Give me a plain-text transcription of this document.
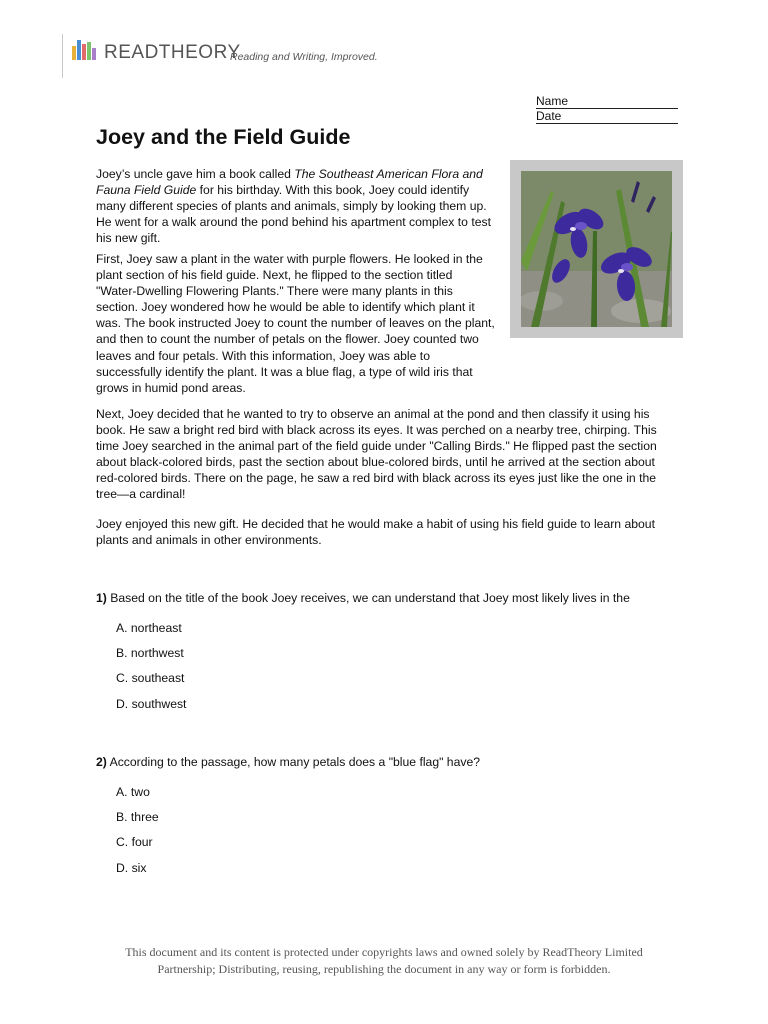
READTHEORY
Reading and Writing, Improved.
Name
Date
Joey and the Field Guide

Joey’s uncle gave him a book called The Southeast American Flora and Fauna Field Guide for his birthday. With this book, Joey could identify many different species of plants and animals, simply by looking them up. He went for a walk around the pond behind his apartment complex to test his new gift.

First, Joey saw a plant in the water with purple flowers. He looked in the plant section of his field guide. Next, he flipped to the section titled "Water-Dwelling Flowering Plants." There were many plants in this section. Joey wondered how he would be able to identify which plant it was. The book instructed Joey to count the number of leaves on the plant, and then to count the number of petals on the flower. Joey counted two leaves and four petals. With this information, Joey was able to successfully identify the plant. It was a blue flag, a type of wild iris that grows in humid pond areas.

Next, Joey decided that he wanted to try to observe an animal at the pond and then classify it using his book. He saw a bright red bird with black across its eyes. It was perched on a nearby tree, chirping. This time Joey searched in the animal part of the field guide under "Calling Birds." He flipped past the section about black-colored birds, past the section about blue-colored birds, until he arrived at the section about red-colored birds. There on the page, he saw a red bird with black across its eyes just like the one in the tree—a cardinal!

Joey enjoyed this new gift. He decided that he would make a habit of using his field guide to learn about plants and animals in other environments.

1) Based on the title of the book Joey receives, we can understand that Joey most likely lives in the
A. northeast
B. northwest
C. southeast
D. southwest
2) According to the passage, how many petals does a "blue flag" have?
A. two
B. three
C. four
D. six
This document and its content is protected under copyrights laws and owned solely by ReadTheory Limited
Partnership; Distributing, reusing, republishing the document in any way or form is forbidden.
